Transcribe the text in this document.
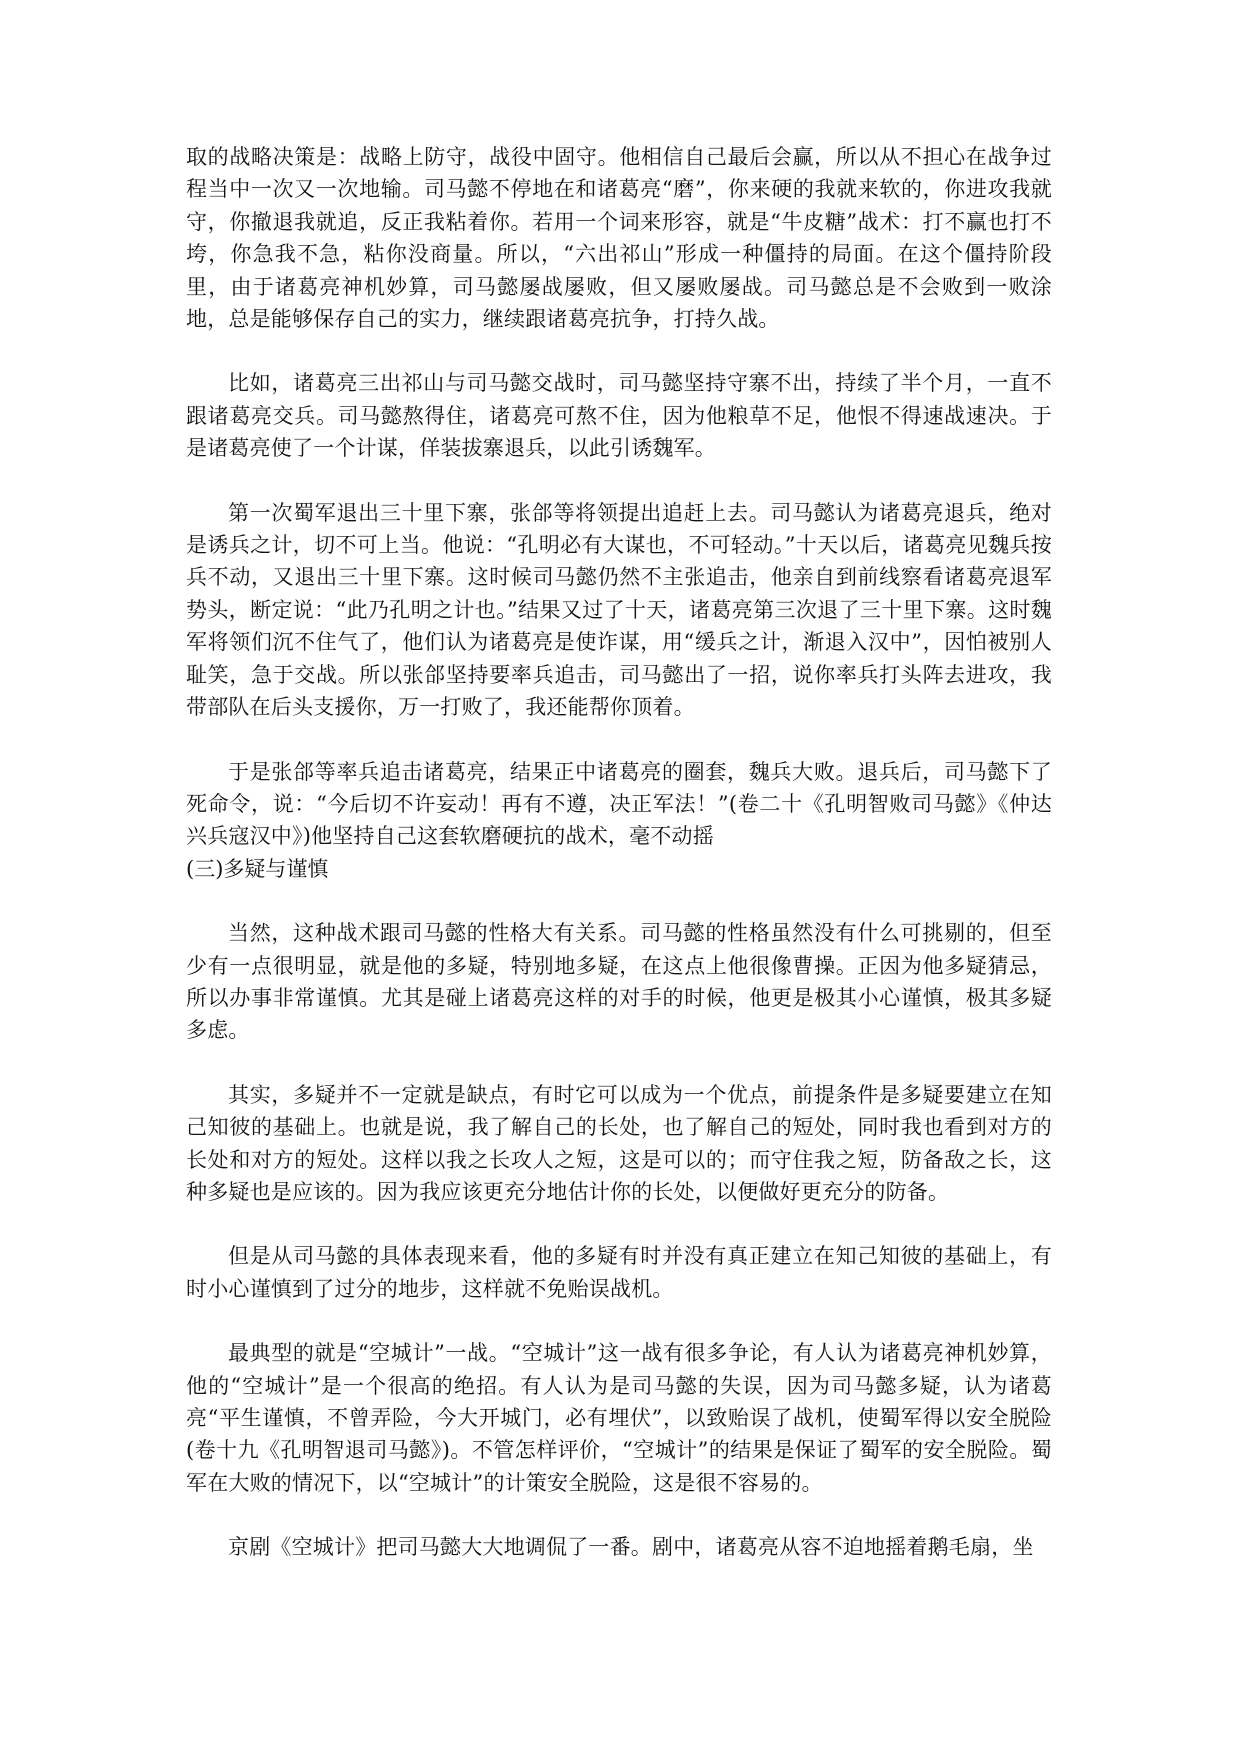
取的战略决策是：战略上防守，战役中固守。他相信自己最后会赢，所以从不担心在战争过程当中一次又一次地输。司马懿不停地在和诸葛亮“磨”，你来硬的我就来软的，你进攻我就守，你撤退我就追，反正我粘着你。若用一个词来形容，就是“牛皮糖”战术：打不赢也打不垮，你急我不急，粘你没商量。所以，“六出祁山”形成一种僵持的局面。在这个僵持阶段里，由于诸葛亮神机妙算，司马懿屡战屡败，但又屡败屡战。司马懿总是不会败到一败涂地，总是能够保存自己的实力，继续跟诸葛亮抗争，打持久战。

比如，诸葛亮三出祁山与司马懿交战时，司马懿坚持守寨不出，持续了半个月，一直不跟诸葛亮交兵。司马懿熬得住，诸葛亮可熬不住，因为他粮草不足，他恨不得速战速决。于是诸葛亮使了一个计谋，佯装拔寨退兵，以此引诱魏军。

第一次蜀军退出三十里下寨，张郃等将领提出追赶上去。司马懿认为诸葛亮退兵，绝对是诱兵之计，切不可上当。他说：“孔明必有大谋也，不可轻动。”十天以后，诸葛亮见魏兵按兵不动，又退出三十里下寨。这时候司马懿仍然不主张追击，他亲自到前线察看诸葛亮退军势头，断定说：“此乃孔明之计也。”结果又过了十天，诸葛亮第三次退了三十里下寨。这时魏军将领们沉不住气了，他们认为诸葛亮是使诈谋，用“缓兵之计，渐退入汉中”，因怕被别人耻笑，急于交战。所以张郃坚持要率兵追击，司马懿出了一招，说你率兵打头阵去进攻，我带部队在后头支援你，万一打败了，我还能帮你顶着。

于是张郃等率兵追击诸葛亮，结果正中诸葛亮的圈套，魏兵大败。退兵后，司马懿下了死命令，说：“今后切不许妄动！再有不遵，决正军法！”(卷二十《孔明智败司马懿》《仲达兴兵寇汉中》)他坚持自己这套软磨硬抗的战术，毫不动摇

(三)多疑与谨慎

当然，这种战术跟司马懿的性格大有关系。司马懿的性格虽然没有什么可挑剔的，但至少有一点很明显，就是他的多疑，特别地多疑，在这点上他很像曹操。正因为他多疑猜忌，所以办事非常谨慎。尤其是碰上诸葛亮这样的对手的时候，他更是极其小心谨慎，极其多疑多虑。

其实，多疑并不一定就是缺点，有时它可以成为一个优点，前提条件是多疑要建立在知己知彼的基础上。也就是说，我了解自己的长处，也了解自己的短处，同时我也看到对方的长处和对方的短处。这样以我之长攻人之短，这是可以的；而守住我之短，防备敌之长，这种多疑也是应该的。因为我应该更充分地估计你的长处，以便做好更充分的防备。

但是从司马懿的具体表现来看，他的多疑有时并没有真正建立在知己知彼的基础上，有时小心谨慎到了过分的地步，这样就不免贻误战机。

最典型的就是“空城计”一战。“空城计”这一战有很多争论，有人认为诸葛亮神机妙算，他的“空城计”是一个很高的绝招。有人认为是司马懿的失误，因为司马懿多疑，认为诸葛亮“平生谨慎，不曾弄险，今大开城门，必有埋伏”，以致贻误了战机，使蜀军得以安全脱险(卷十九《孔明智退司马懿》)。不管怎样评价，“空城计”的结果是保证了蜀军的安全脱险。蜀军在大败的情况下，以“空城计”的计策安全脱险，这是很不容易的。

京剧《空城计》把司马懿大大地调侃了一番。剧中，诸葛亮从容不迫地摇着鹅毛扇，坐
